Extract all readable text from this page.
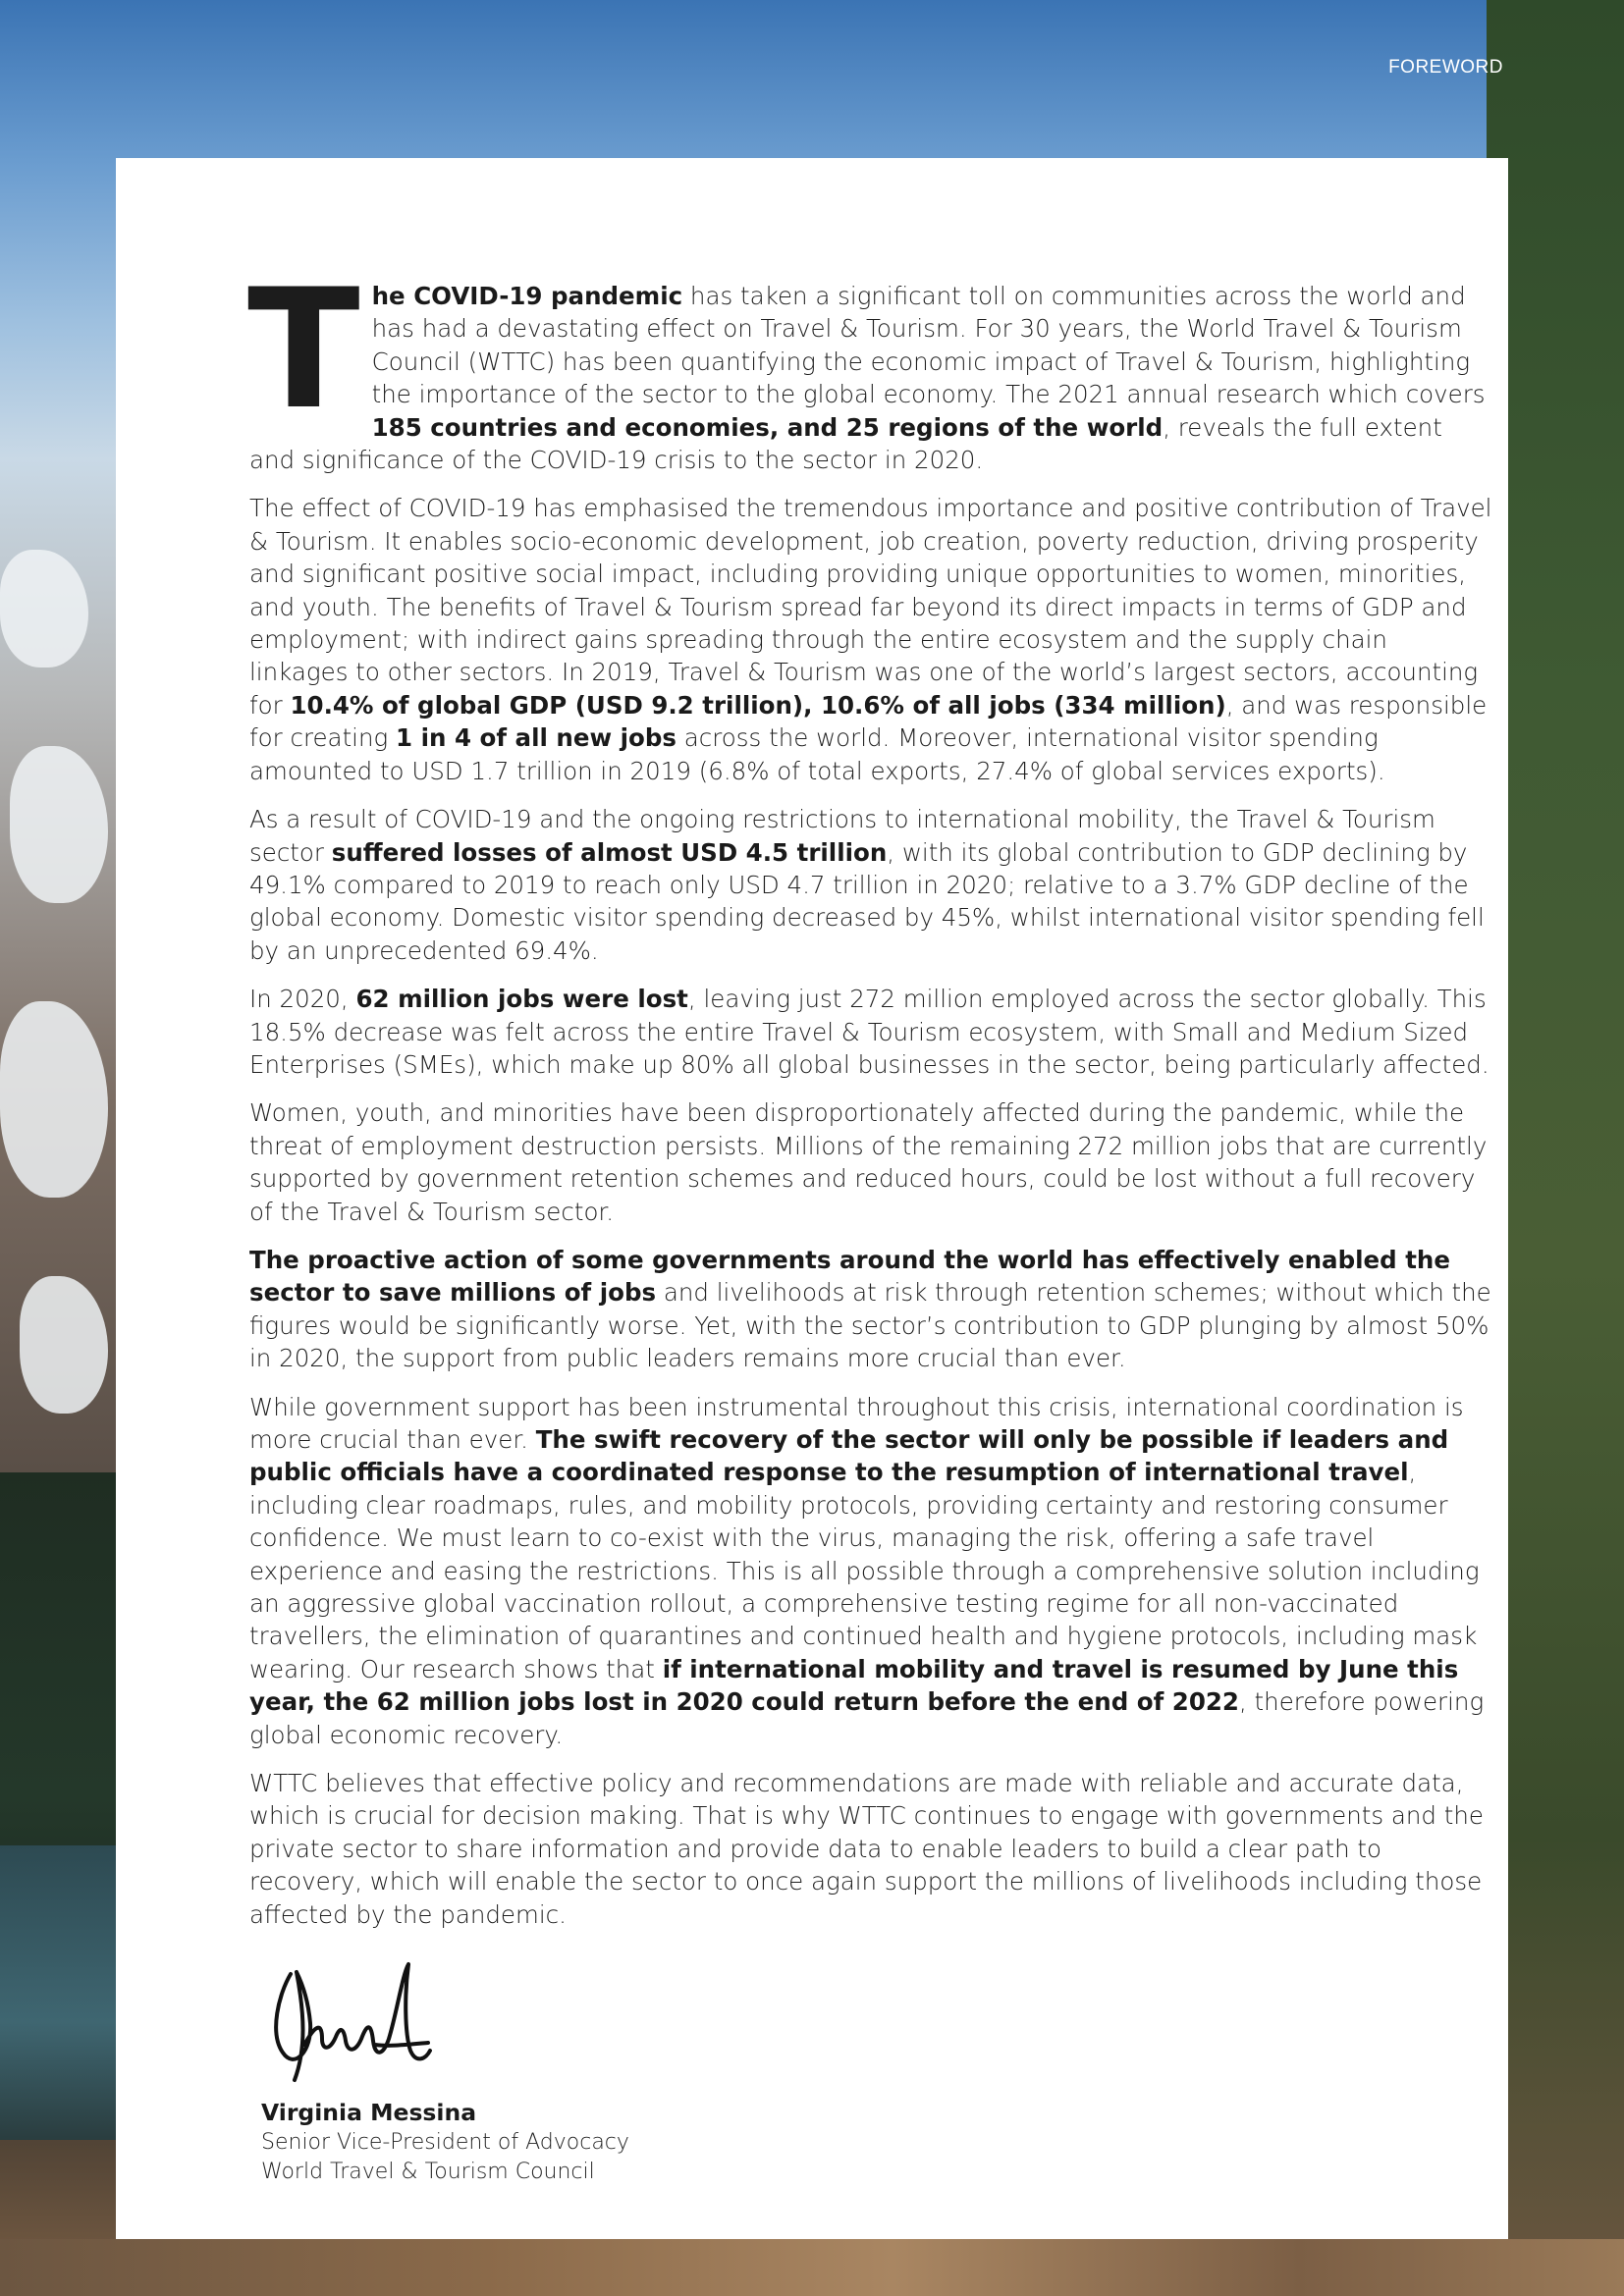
FOREWORD

The COVID-19 pandemic has taken a significant toll on communities across the world and has had a devastating effect on Travel & Tourism. For 30 years, the World Travel & Tourism Council (WTTC) has been quantifying the economic impact of Travel & Tourism, highlighting the importance of the sector to the global economy. The 2021 annual research which covers 185 countries and economies, and 25 regions of the world, reveals the full extent and significance of the COVID-19 crisis to the sector in 2020.

The effect of COVID-19 has emphasised the tremendous importance and positive contribution of Travel & Tourism. It enables socio-economic development, job creation, poverty reduction, driving prosperity and significant positive social impact, including providing unique opportunities to women, minorities, and youth. The benefits of Travel & Tourism spread far beyond its direct impacts in terms of GDP and employment; with indirect gains spreading through the entire ecosystem and the supply chain linkages to other sectors. In 2019, Travel & Tourism was one of the world’s largest sectors, accounting for 10.4% of global GDP (USD 9.2 trillion), 10.6% of all jobs (334 million), and was responsible for creating 1 in 4 of all new jobs across the world. Moreover, international visitor spending amounted to USD 1.7 trillion in 2019 (6.8% of total exports, 27.4% of global services exports).

As a result of COVID-19 and the ongoing restrictions to international mobility, the Travel & Tourism sector suffered losses of almost USD 4.5 trillion, with its global contribution to GDP declining by 49.1% compared to 2019 to reach only USD 4.7 trillion in 2020; relative to a 3.7% GDP decline of the global economy. Domestic visitor spending decreased by 45%, whilst international visitor spending fell by an unprecedented 69.4%.

In 2020, 62 million jobs were lost, leaving just 272 million employed across the sector globally. This 18.5% decrease was felt across the entire Travel & Tourism ecosystem, with Small and Medium Sized Enterprises (SMEs), which make up 80% all global businesses in the sector, being particularly affected.

Women, youth, and minorities have been disproportionately affected during the pandemic, while the threat of employment destruction persists. Millions of the remaining 272 million jobs that are currently supported by government retention schemes and reduced hours, could be lost without a full recovery of the Travel & Tourism sector.

The proactive action of some governments around the world has effectively enabled the sector to save millions of jobs and livelihoods at risk through retention schemes; without which the figures would be significantly worse. Yet, with the sector’s contribution to GDP plunging by almost 50% in 2020, the support from public leaders remains more crucial than ever.

While government support has been instrumental throughout this crisis, international coordination is more crucial than ever. The swift recovery of the sector will only be possible if leaders and public officials have a coordinated response to the resumption of international travel, including clear roadmaps, rules, and mobility protocols, providing certainty and restoring consumer confidence. We must learn to co-exist with the virus, managing the risk, offering a safe travel experience and easing the restrictions. This is all possible through a comprehensive solution including an aggressive global vaccination rollout, a comprehensive testing regime for all non-vaccinated travellers, the elimination of quarantines and continued health and hygiene protocols, including mask wearing. Our research shows that if international mobility and travel is resumed by June this year, the 62 million jobs lost in 2020 could return before the end of 2022, therefore powering global economic recovery.

WTTC believes that effective policy and recommendations are made with reliable and accurate data, which is crucial for decision making. That is why WTTC continues to engage with governments and the private sector to share information and provide data to enable leaders to build a clear path to recovery, which will enable the sector to once again support the millions of livelihoods including those affected by the pandemic.

Virginia Messina
Senior Vice-President of Advocacy
World Travel & Tourism Council
